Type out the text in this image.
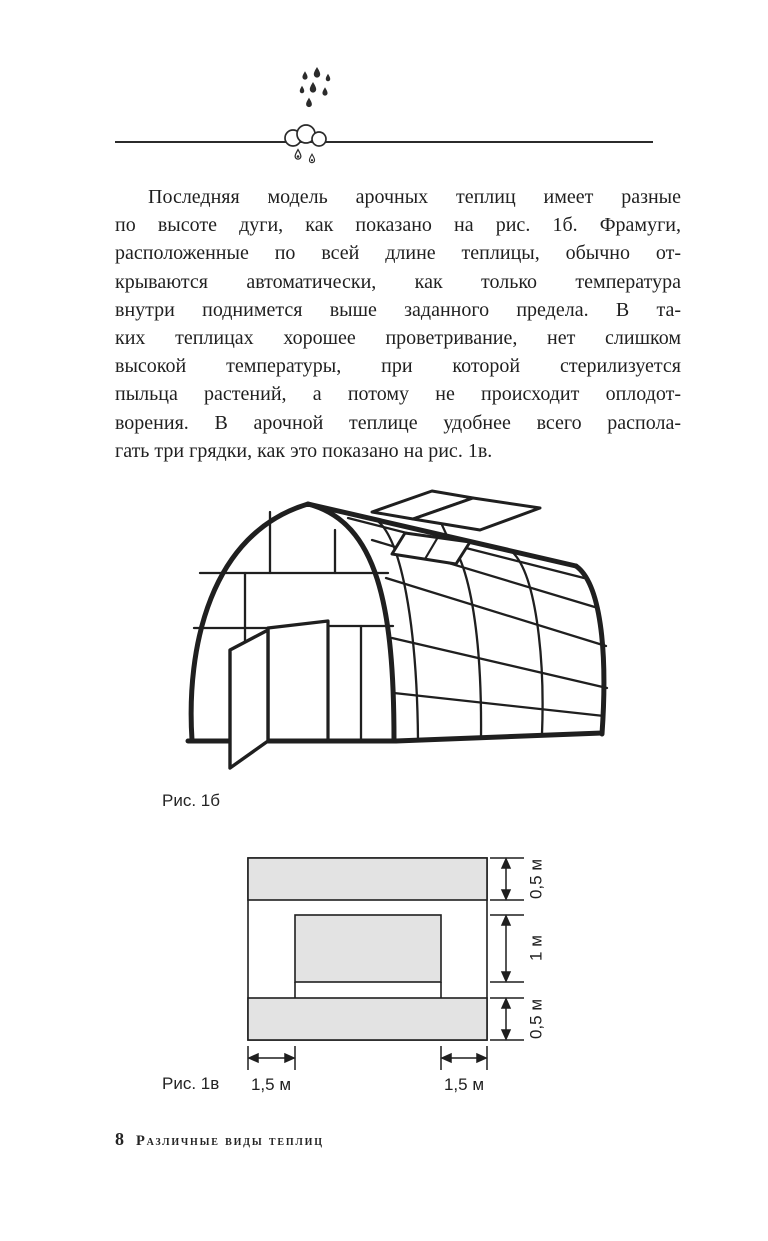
Последняя модель арочных теплиц имеет разные
по высоте дуги, как показано на рис. 1б. Фрамуги,
расположенные по всей длине теплицы, обычно от-
крываются автоматически, как только температура
внутри поднимется выше заданного предела. В та-
ких теплицах хорошее проветривание, нет слишком
высокой температуры, при которой стерилизуется
пыльца растений, а потому не происходит оплодот-
ворения. В арочной теплице удобнее всего распола-
гать три грядки, как это показано на рис. 1в.
Рис. 1б
0,5 м
1 м
0,5 м
1,5 м	1,5 м
Рис. 1в
8 Различные виды теплиц
